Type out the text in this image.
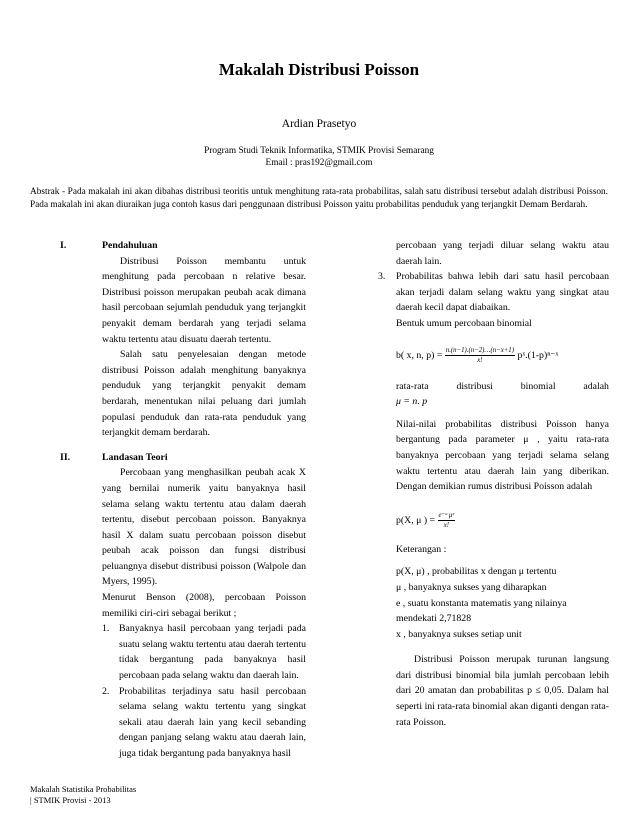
Makalah Distribusi Poisson
Ardian Prasetyo
Program Studi Teknik Informatika, STMIK Provisi Semarang
Email : pras192@gmail.com
Abstrak - Pada makalah ini akan dibahas distribusi teoritis untuk menghitung rata-rata probabilitas, salah satu distribusi tersebut adalah distribusi Poisson. Pada makalah ini akan diuraikan juga contoh kasus dari penggunaan distribusi Poisson yaitu probabilitas penduduk yang terjangkit Demam Berdarah.
I.	Pendahuluan

Distribusi Poisson membantu untuk menghitung pada percobaan n relative besar. Distribusi poisson merupakan peubah acak dimana hasil percobaan sejumlah penduduk yang terjangkit penyakit demam berdarah yang terjadi selama waktu tertentu atau disuatu daerah tertentu.

Salah satu penyelesaian dengan metode distribusi Poisson adalah menghitung banyaknya penduduk yang terjangkit penyakit demam berdarah, menentukan nilai peluang dari jumlah populasi penduduk dan rata-rata penduduk yang terjangkit demam berdarah.

II.	Landasan Teori

Percobaan yang menghasilkan peubah acak X yang bernilai numerik yaitu banyaknya hasil selama selang waktu tertentu atau dalam daerah tertentu, disebut percobaan poisson. Banyaknya hasil X dalam suatu percobaan poisson disebut peubah acak poisson dan fungsi distribusi peluangnya disebut distribusi poisson (Walpole dan Myers, 1995).

Menurut Benson (2008), percobaan Poisson memiliki ciri-ciri sebagai berikut ;

1. Banyaknya hasil percobaan yang terjadi pada suatu selang waktu tertentu atau daerah tertentu tidak bergantung pada banyaknya hasil percobaan pada selang waktu dan daerah lain.
2. Probabilitas terjadinya satu hasil percobaan selama selang waktu tertentu yang singkat sekali atau daerah lain yang kecil sebanding dengan panjang selang waktu atau daerah lain, juga tidak bergantung pada banyaknya hasil

percobaan yang terjadi diluar selang waktu atau daerah lain.

3. Probabilitas bahwa lebih dari satu hasil percobaan akan terjadi dalam selang waktu yang singkat atau daerah kecil dapat diabaikan.

Bentuk umum percobaan binomial

b( x, n, $p) = \frac{n.(n-1).(n-2)\dots(n-x+1)}{x!}$ pˣ.(1-p)ⁿ⁻ˣ
rata-rata	distribusi	binomial	adalah
μ = n. p

Nilai-nilai probabilitas distribusi Poisson hanya bergantung pada parameter μ , yaitu rata-rata banyaknya percobaan yang terjadi selama selang waktu tertentu atau daerah lain yang diberikan. Dengan demikian rumus distribusi Poisson adalah

p(X, μ ) = $\frac{\text{e⁻ᵘ μˣ}}{x!}$

Keterangan :

p(X, μ) , probabilitas x dengan μ tertentu
μ , banyaknya sukses yang diharapkan
e , suatu konstanta matematis yang nilainya mendekati 2,71828
x , banyaknya sukses setiap unit

Distribusi Poisson merupak turunan langsung dari distribusi binomial bila jumlah percobaan lebih dari 20 amatan dan probabilitas p ≤ 0,05. Dalam hal seperti ini rata-rata binomial akan diganti dengan rata-rata Poisson.

Makalah Statistika Probabilitas
| STMIK Provisi - 2013
